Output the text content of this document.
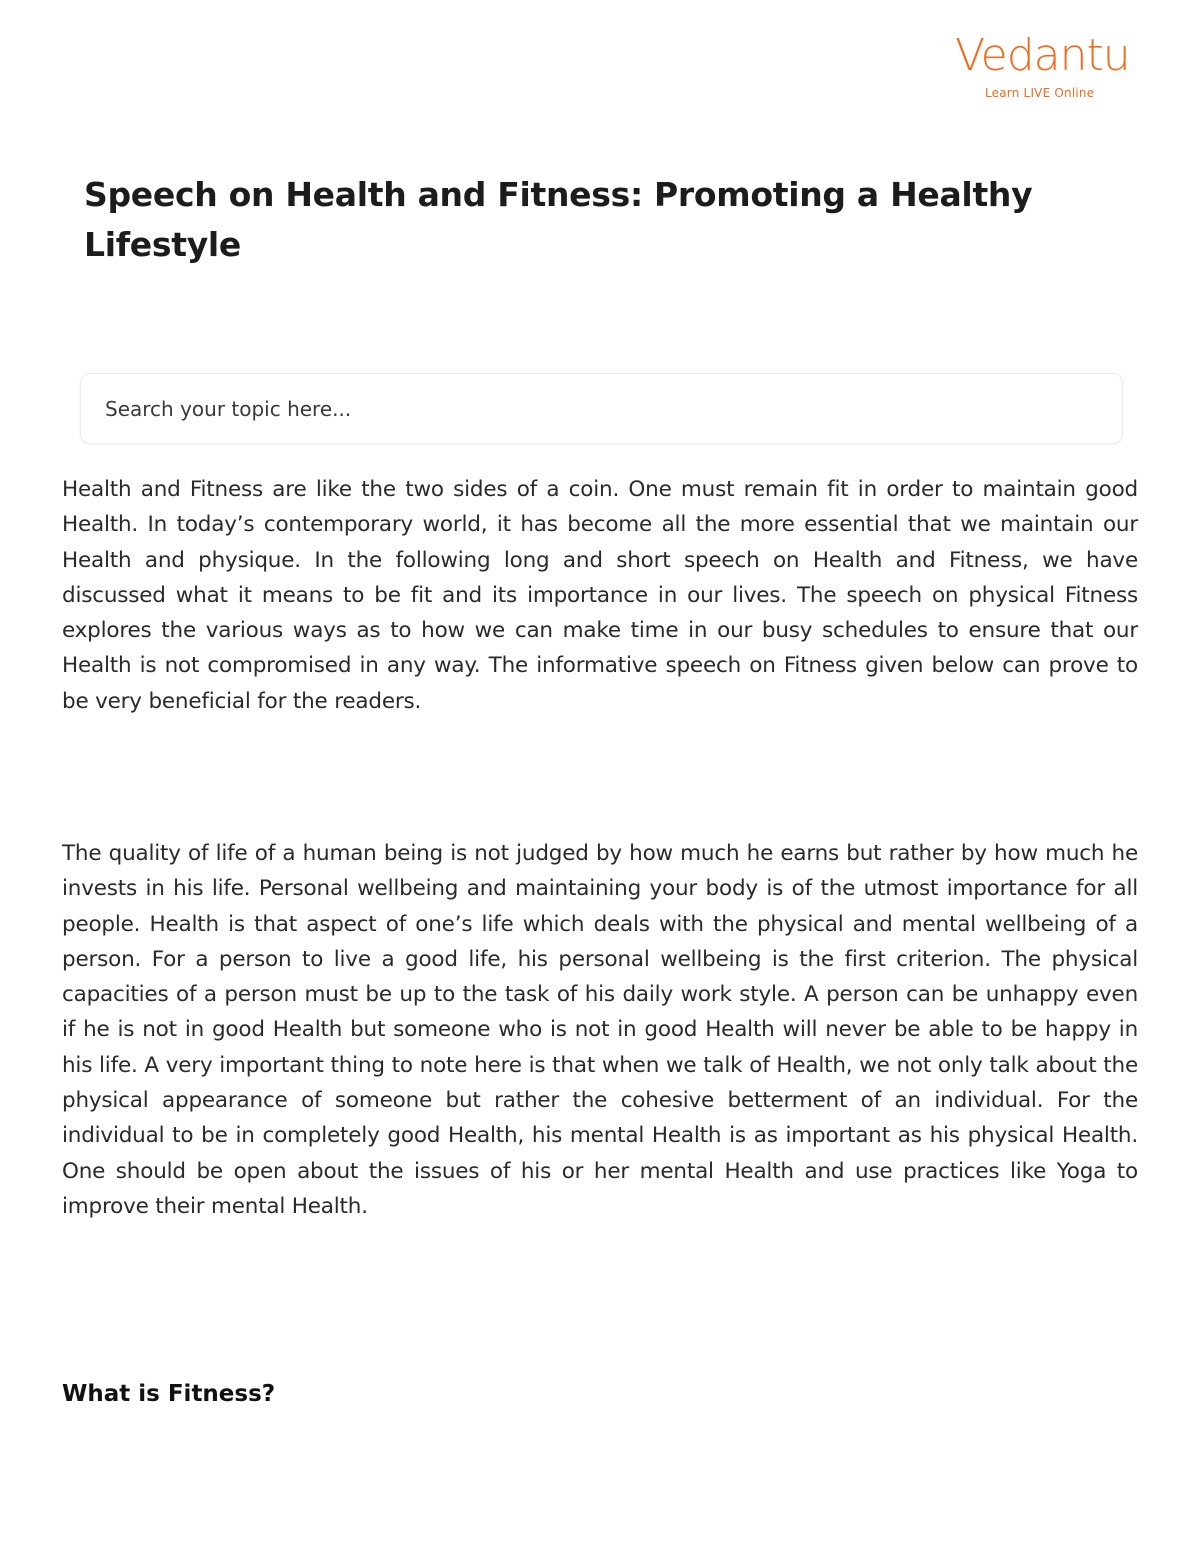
Vedantu
Learn LIVE Online
Speech on Health and Fitness: Promoting a Healthy Lifestyle
Search your topic here...

Health and Fitness are like the two sides of a coin. One must remain fit in order to maintain good Health. In today’s contemporary world, it has become all the more essential that we maintain our Health and physique. In the following long and short speech on Health and Fitness, we have discussed what it means to be fit and its importance in our lives. The speech on physical Fitness explores the various ways as to how we can make time in our busy schedules to ensure that our Health is not compromised in any way. The informative speech on Fitness given below can prove to be very beneficial for the readers.

The quality of life of a human being is not judged by how much he earns but rather by how much he invests in his life. Personal wellbeing and maintaining your body is of the utmost importance for all people. Health is that aspect of one’s life which deals with the physical and mental wellbeing of a person. For a person to live a good life, his personal wellbeing is the first criterion. The physical capacities of a person must be up to the task of his daily work style. A person can be unhappy even if he is not in good Health but someone who is not in good Health will never be able to be happy in his life. A very important thing to note here is that when we talk of Health, we not only talk about the physical appearance of someone but rather the cohesive betterment of an individual. For the individual to be in completely good Health, his mental Health is as important as his physical Health. One should be open about the issues of his or her mental Health and use practices like Yoga to improve their mental Health.

What is Fitness?
